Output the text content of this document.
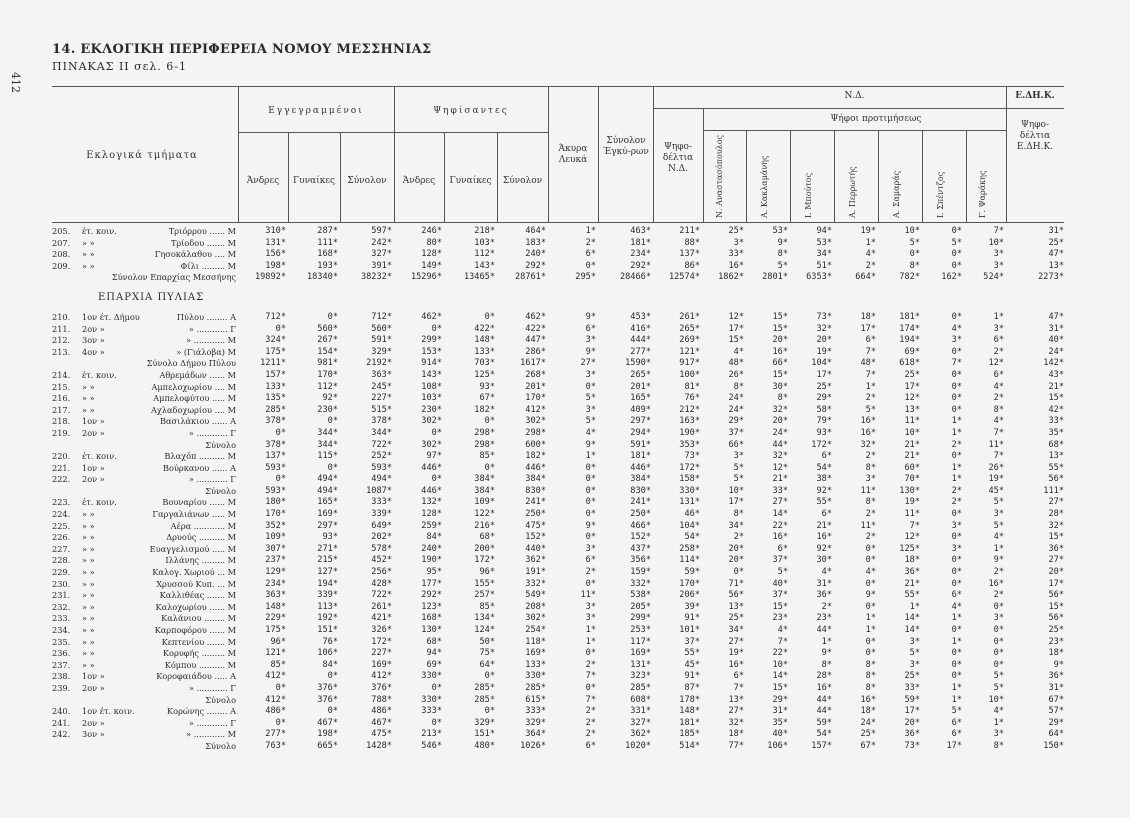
412
14. ΕΚΛΟΓΙΚΗ ΠΕΡΙΦΕΡΕΙΑ ΝΟΜΟΥ ΜΕΣΣΗΝΙΑΣ
ΠΙΝΑΚΑΣ ΙΙ σελ. 6-1
Εκλογικά τμήματα
Εγγεγραμμένοι	Ψηφίσαντες
Άνδρες	Γυναίκες	Σύνολον	Άνδρες	Γυναίκες	Σύνολον
Άκυρα Λευκά
Σύνολον Έγκύ-ρων
Ν.Δ.	Ε.ΔΗ.Κ.
Ψήφοι προτιμήσεως
Ψηφο-δέλτια Ν.Δ.
Ψηφο-δέλτια Ε.ΔΗ.Κ.
Ν. Αναστασόπουλος	Α. Κακλαμάνης	Ι. Μπούτος	Α. Περρωτής	Α. Σαμαράς	Ι. Σπέντζος	Γ. Ψαράκης
205. έτ. κοιν.	Τριόρρου ...... Μ	310*	287*	597*	246*	218*	464*	1*	463*	211*	25*	53*	94*	19*	10*	0*	7*	31*
207. » »	Τρίοδου ....... Μ	131*	111*	242*	80*	103*	183*	2*	181*	88*	3*	9*	53*	1*	5*	5*	10*	25*
208. » »	Γησοκάλαθου .... Μ	156*	168*	327*	128*	112*	240*	6*	234*	137*	33*	8*	34*	4*	0*	0*	3*	47*
209. » »	Φίλι ......... Μ	198*	193*	391*	149*	143*	292*	0*	292*	86*	16*	5*	51*	2*	8*	0*	3*	13*
Σύνολον Επαρχίας Μεσσήνης 19892* 18340*	38232* 15296*	13465* 28761*	295*	28466* 12574* 1862* 2801* 6353*	664*	782* 162* 524*	2273*
ΕΠΑΡΧΙΑ ΠΥΛΙΑΣ
210. 1ον έτ. Δήμου	Πύλου ........ Α	712*	0*	712*	462*	0*	462*	9*	453*	261*	12*	15*	73*	18*	181*	0*	1*	47*
211. 2ον »	» ............ Γ	0*	560*	560*	0*	422*	422*	6*	416*	265*	17*	15*	32*	17*	174*	4*	3*	31*
212. 3ον »	» ............ Μ	324*	267*	591*	299*	148*	447*	3*	444*	269*	15*	20*	20*	6*	194*	3*	6*	40*
213. 4ον »	» (Γιάλοβα) Μ	175*	154*	329*	153*	133*	286*	9*	277*	121*	4*	16*	19*	7*	69*	0*	2*	24*
Σύνολο Δήμου Πύλου	1211*	981*	2192*	914*	703*	1617*	27*	1590*	917*	48*	66*	104*	48*	618*	7*	12*	142*
214. έτ. κοιν.	Αθρεμάδων ...... Μ	157*	170*	363*	143*	125*	268*	3*	265*	100*	26*	15*	17*	7*	25*	0*	6*	43*
215. » »	Αμπελοχωρίου .... Μ	133*	112*	245*	108*	93*	201*	0*	201*	81*	8*	30*	25*	1*	17*	0*	4*	21*
216. » »	Αμπελοφύτου ..... Μ	135*	92*	227*	103*	67*	170*	5*	165*	76*	24*	8*	29*	2*	12*	0*	2*	15*
217. » »	Αχλαδοχωρίου .... Μ	285*	230*	515*	230*	182*	412*	3*	409*	212*	24*	32*	58*	5*	13*	0*	8*	42*
218. 1ον »	Βασιλάκιου ...... Α	378*	0*	378*	302*	0*	302*	5*	297*	163*	29*	20*	79*	16*	11*	1*	4*	33*
219. 2ον »	» ............ Γ	0*	344*	344*	0*	298*	298*	4*	294*	190*	37*	24*	93*	16*	10*	1*	7*	35*
Σύνολο	378*	344*	722*	302*	298*	600*	9*	591*	353*	66*	44*	172*	32*	21*	2*	11*	68*
220. έτ. κοιν.	Βλαχόπ .......... Μ	137*	115*	252*	97*	85*	182*	1*	181*	73*	3*	32*	6*	2*	21*	0*	7*	13*
221. 1ον »	Βούρκανου ...... Α	593*	0*	593*	446*	0*	446*	0*	446*	172*	5*	12*	54*	8*	60*	1*	26*	55*
222. 2ον »	» ............ Γ	0*	494*	494*	0*	384*	384*	0*	384*	158*	5*	21*	38*	3*	70*	1*	19*	56*
Σύνολο	593*	494*	1087*	446*	384*	830*	0*	830*	330*	10*	33*	92*	11*	130*	2*	45*	111*
223. έτ. κοιν.	Βουναρίου ...... Μ	180*	165*	333*	132*	109*	241*	0*	241*	131*	17*	27*	55*	8*	19*	2*	5*	27*
224. » »	Γαργαλιάνων ..... Μ	170*	169*	339*	128*	122*	250*	0*	250*	46*	8*	14*	6*	2*	11*	0*	3*	28*
225. » »	Αέρα ............ Μ	352*	297*	649*	259*	216*	475*	9*	466*	104*	34*	22*	21*	11*	7*	3*	5*	32*
226. » »	Δρυούς .......... Μ	109*	93*	202*	84*	68*	152*	0*	152*	54*	2*	16*	16*	2*	12*	0*	4*	15*
227. » »	Ευαγγελισμού ..... Μ	307*	271*	578*	240*	200*	440*	3*	437*	258*	20*	6*	92*	0*	125*	3*	1*	36*
228. » »	Ιλλάνης ......... Μ	237*	215*	452*	190*	172*	362*	6*	356*	114*	20*	37*	30*	0*	18*	0*	9*	27*
229. » »	Καλογ. Χωριού ... Μ	129*	127*	256*	95*	96*	191*	2*	159*	59*	0*	5*	4*	4*	36*	0*	2*	20*
230. » »	Χρυσσού Κυπ. ... Μ	234*	194*	428*	177*	155*	332*	0*	332*	170*	71*	40*	31*	0*	21*	0*	16*	17*
231. » »	Καλλιθέας ....... Μ	363*	339*	722*	292*	257*	549*	11*	538*	206*	56*	37*	36*	9*	55*	6*	2*	56*
232. » »	Καλοχωρίου ...... Μ	148*	113*	261*	123*	85*	208*	3*	205*	39*	13*	15*	2*	0*	1*	4*	0*	15*
233. » »	Καλάνιου ........ Μ	229*	192*	421*	168*	134*	302*	3*	299*	91*	25*	23*	23*	1*	14*	1*	3*	56*
234. » »	Καρποφόρου ...... Μ	175*	151*	326*	130*	124*	254*	1*	253*	101*	34*	4*	44*	1*	14*	0*	0*	25*
235. » »	Κεπτενίου ....... Μ	96*	76*	172*	68*	50*	118*	1*	117*	37*	27*	7*	1*	0*	3*	1*	0*	23*
236. » »	Κορυφής ......... Μ	121*	106*	227*	94*	75*	169*	0*	169*	55*	19*	22*	9*	0*	5*	0*	0*	18*
237. » »	Κόμπου .......... Μ	85*	84*	169*	69*	64*	133*	2*	131*	45*	16*	10*	8*	8*	3*	0*	0*	9*
238. 1ον »	Κοροφαιάδου ..... Α	412*	0*	412*	330*	0*	330*	7*	323*	91*	6*	14*	28*	8*	25*	0*	5*	36*
239. 2ον »	» ............ Γ	0*	376*	376*	0*	285*	285*	0*	285*	87*	7*	15*	16*	8*	33*	1*	5*	31*
Σύνολο	412*	376*	788*	330*	285*	615*	7*	608*	178*	13*	29*	44*	16*	59*	1*	10*	67*
240. 1ον έτ. κοιν.	Κορώνης ........ Α	486*	0*	486*	333*	0*	333*	2*	331*	148*	27*	31*	44*	18*	17*	5*	4*	57*
241. 2ον »	» ............ Γ	0*	467*	467*	0*	329*	329*	2*	327*	181*	32*	35*	59*	24*	20*	6*	1*	29*
242. 3ον »	» ............ Μ	277*	198*	475*	213*	151*	364*	2*	362*	185*	18*	40*	54*	25*	36*	6*	3*	64*
Σύνολο	763*	665*	1428*	546*	480*	1026*	6*	1020*	514*	77*	106*	157*	67*	73*	17*	8*	150*
